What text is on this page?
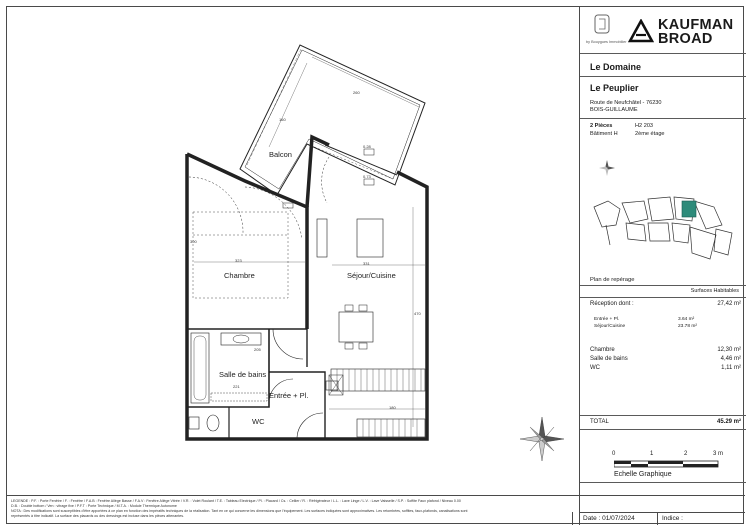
Balcon
Chambre	Séjour/Cuisine
Salle de bains
Entrée + Pl.
WC
260
160
323
331
470
300
221
205
180
0.28
0.73
LEGENDE : P.F. : Porte Fenêtre / F. : Fenêtre / F.A.B : Fenêtre Allège Basse / F.A.V : Fenêtre Allège Vitrée / V.R. : Volet Roulant / T.E. : Tableau Electrique / Pl. : Placard / Cs. : Cellier / R. : Réfrigérateur / L.L. : Lave Linge / L.V. : Lave Vaisselle / S.P. : Soffite Faux plafond / Niveau 0.00
D.B. : Double bottom / Ven : vitrage fixe / P.F.T : Porte Technique / M.T.A. : Module Thermique Autonome
NOTA : Des modifications sont susceptibles d'être apportées à ce plan en fonction des impératifs techniques de la réalisation. Tant en ce qui concerne les dimensions que l'équipement. Les surfaces indiquées sont approximatives. Les retombées, soffites, faux-plafonds, canalisations sont
représentés à titre indicatif. La surface des placards ou des dressings est incluse dans les pièces attenantes.
by Bouygues Immobilier
KAUFMAN
BROAD
Le Domaine
Le Peuplier
Route de Neufchâtel - 76230
BOIS-GUILLAUME
2 Pièces	H2 203
Bâtiment H	2ème étage
Plan de repérage
Surfaces Habitables
Réception dont :	27,42 m²
Entrée + Pl.	3.64 m²
Séjour/Cuisine	23.78 m²
Chambre	12,30 m²
Salle de bains	4,46 m²
WC	1,11 m²
TOTAL	45.29 m²
0	1	2	3 m
Echelle Graphique
Date : 01/07/2024	Indice :
